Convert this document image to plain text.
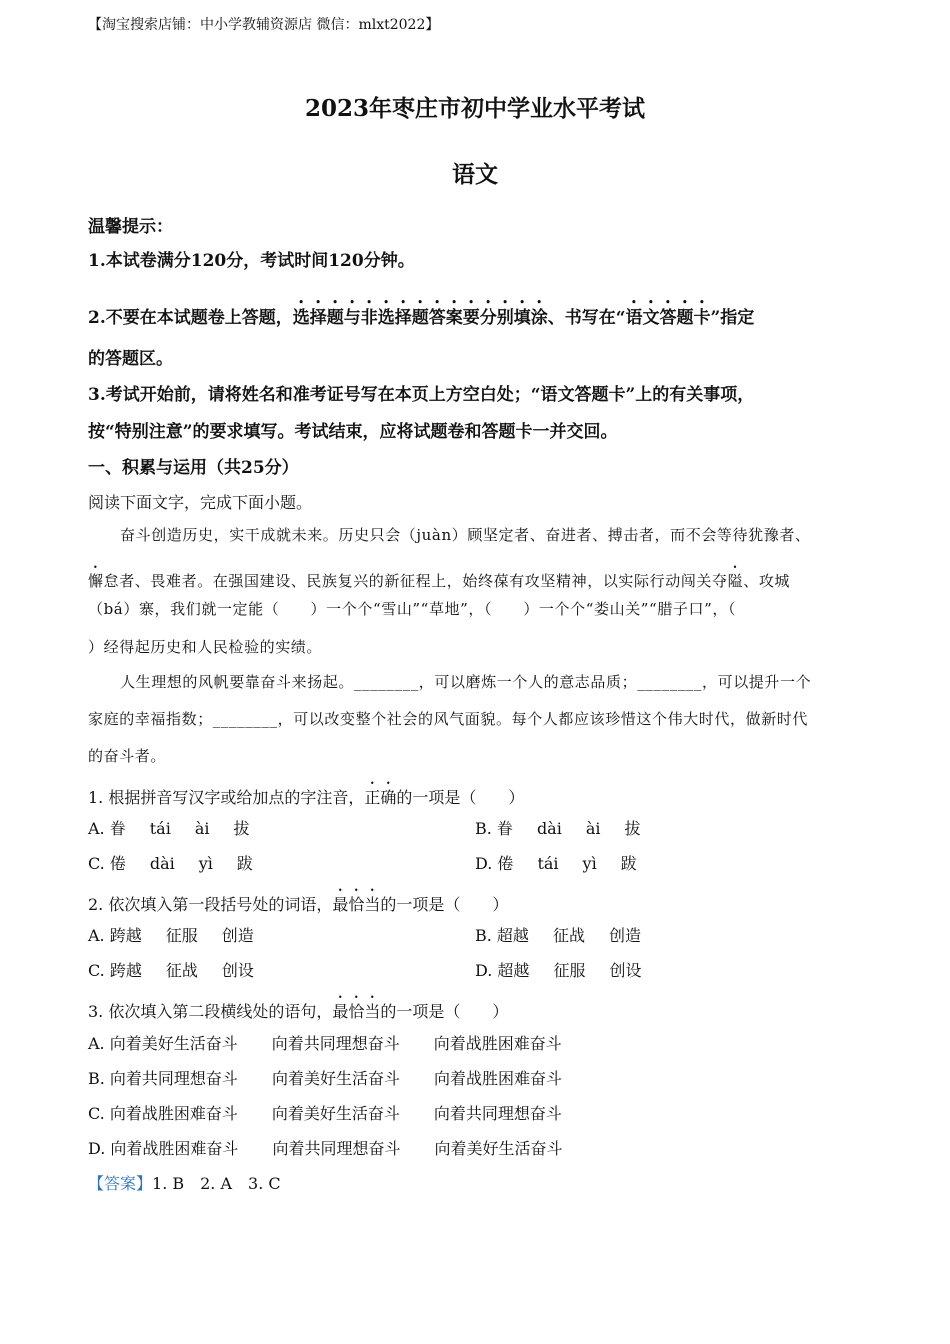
【淘宝搜索店铺：中小学教辅资源店 微信：mlxt2022】
2023年枣庄市初中学业水平考试
语文
温馨提示：
1.本试卷满分120分，考试时间120分钟。
2.不要在本试题卷上答题，选择题与非选择题答案要分别填涂、书写在“语文答题卡”指定
的答题区。
3.考试开始前，请将姓名和准考证号写在本页上方空白处；“语文答题卡”上的有关事项，
按“特别注意”的要求填写。考试结束，应将试题卷和答题卡一并交回。
一、积累与运用（共25分）
阅读下面文字，完成下面小题。
奋斗创造历史，实干成就未来。历史只会（juàn）顾坚定者、奋进者、搏击者，而不会等待犹豫者、
懈怠者、畏难者。在强国建设、民族复兴的新征程上，始终葆有攻坚精神，以实际行动闯关夺隘、攻城
（bá）寨，我们就一定能（　　）一个个“雪山”“草地”，（　　）一个个“娄山关”“腊子口”，（
）经得起历史和人民检验的实绩。
人生理想的风帆要靠奋斗来扬起。________，可以磨炼一个人的意志品质；________，可以提升一个
家庭的幸福指数；________，可以改变整个社会的风气面貌。每个人都应该珍惜这个伟大时代，做新时代
的奋斗者。
1. 根据拼音写汉字或给加点的字注音，正确的一项是（　　）
A. 眷 tái ài 拔	B. 眷 dài ài 拔
C. 倦 dài yì 跋	D. 倦 tái yì 跋
2. 依次填入第一段括号处的词语，最恰当的一项是（　　）
A. 跨越 征服 创造	B. 超越 征战 创造
C. 跨越 征战 创设	D. 超越 征服 创设
3. 依次填入第二段横线处的语句，最恰当的一项是（　　）
A. 向着美好生活奋斗 向着共同理想奋斗 向着战胜困难奋斗
B. 向着共同理想奋斗 向着美好生活奋斗 向着战胜困难奋斗
C. 向着战胜困难奋斗 向着美好生活奋斗 向着共同理想奋斗
D. 向着战胜困难奋斗 向着共同理想奋斗 向着美好生活奋斗
【答案】1. B　2. A　3. C
